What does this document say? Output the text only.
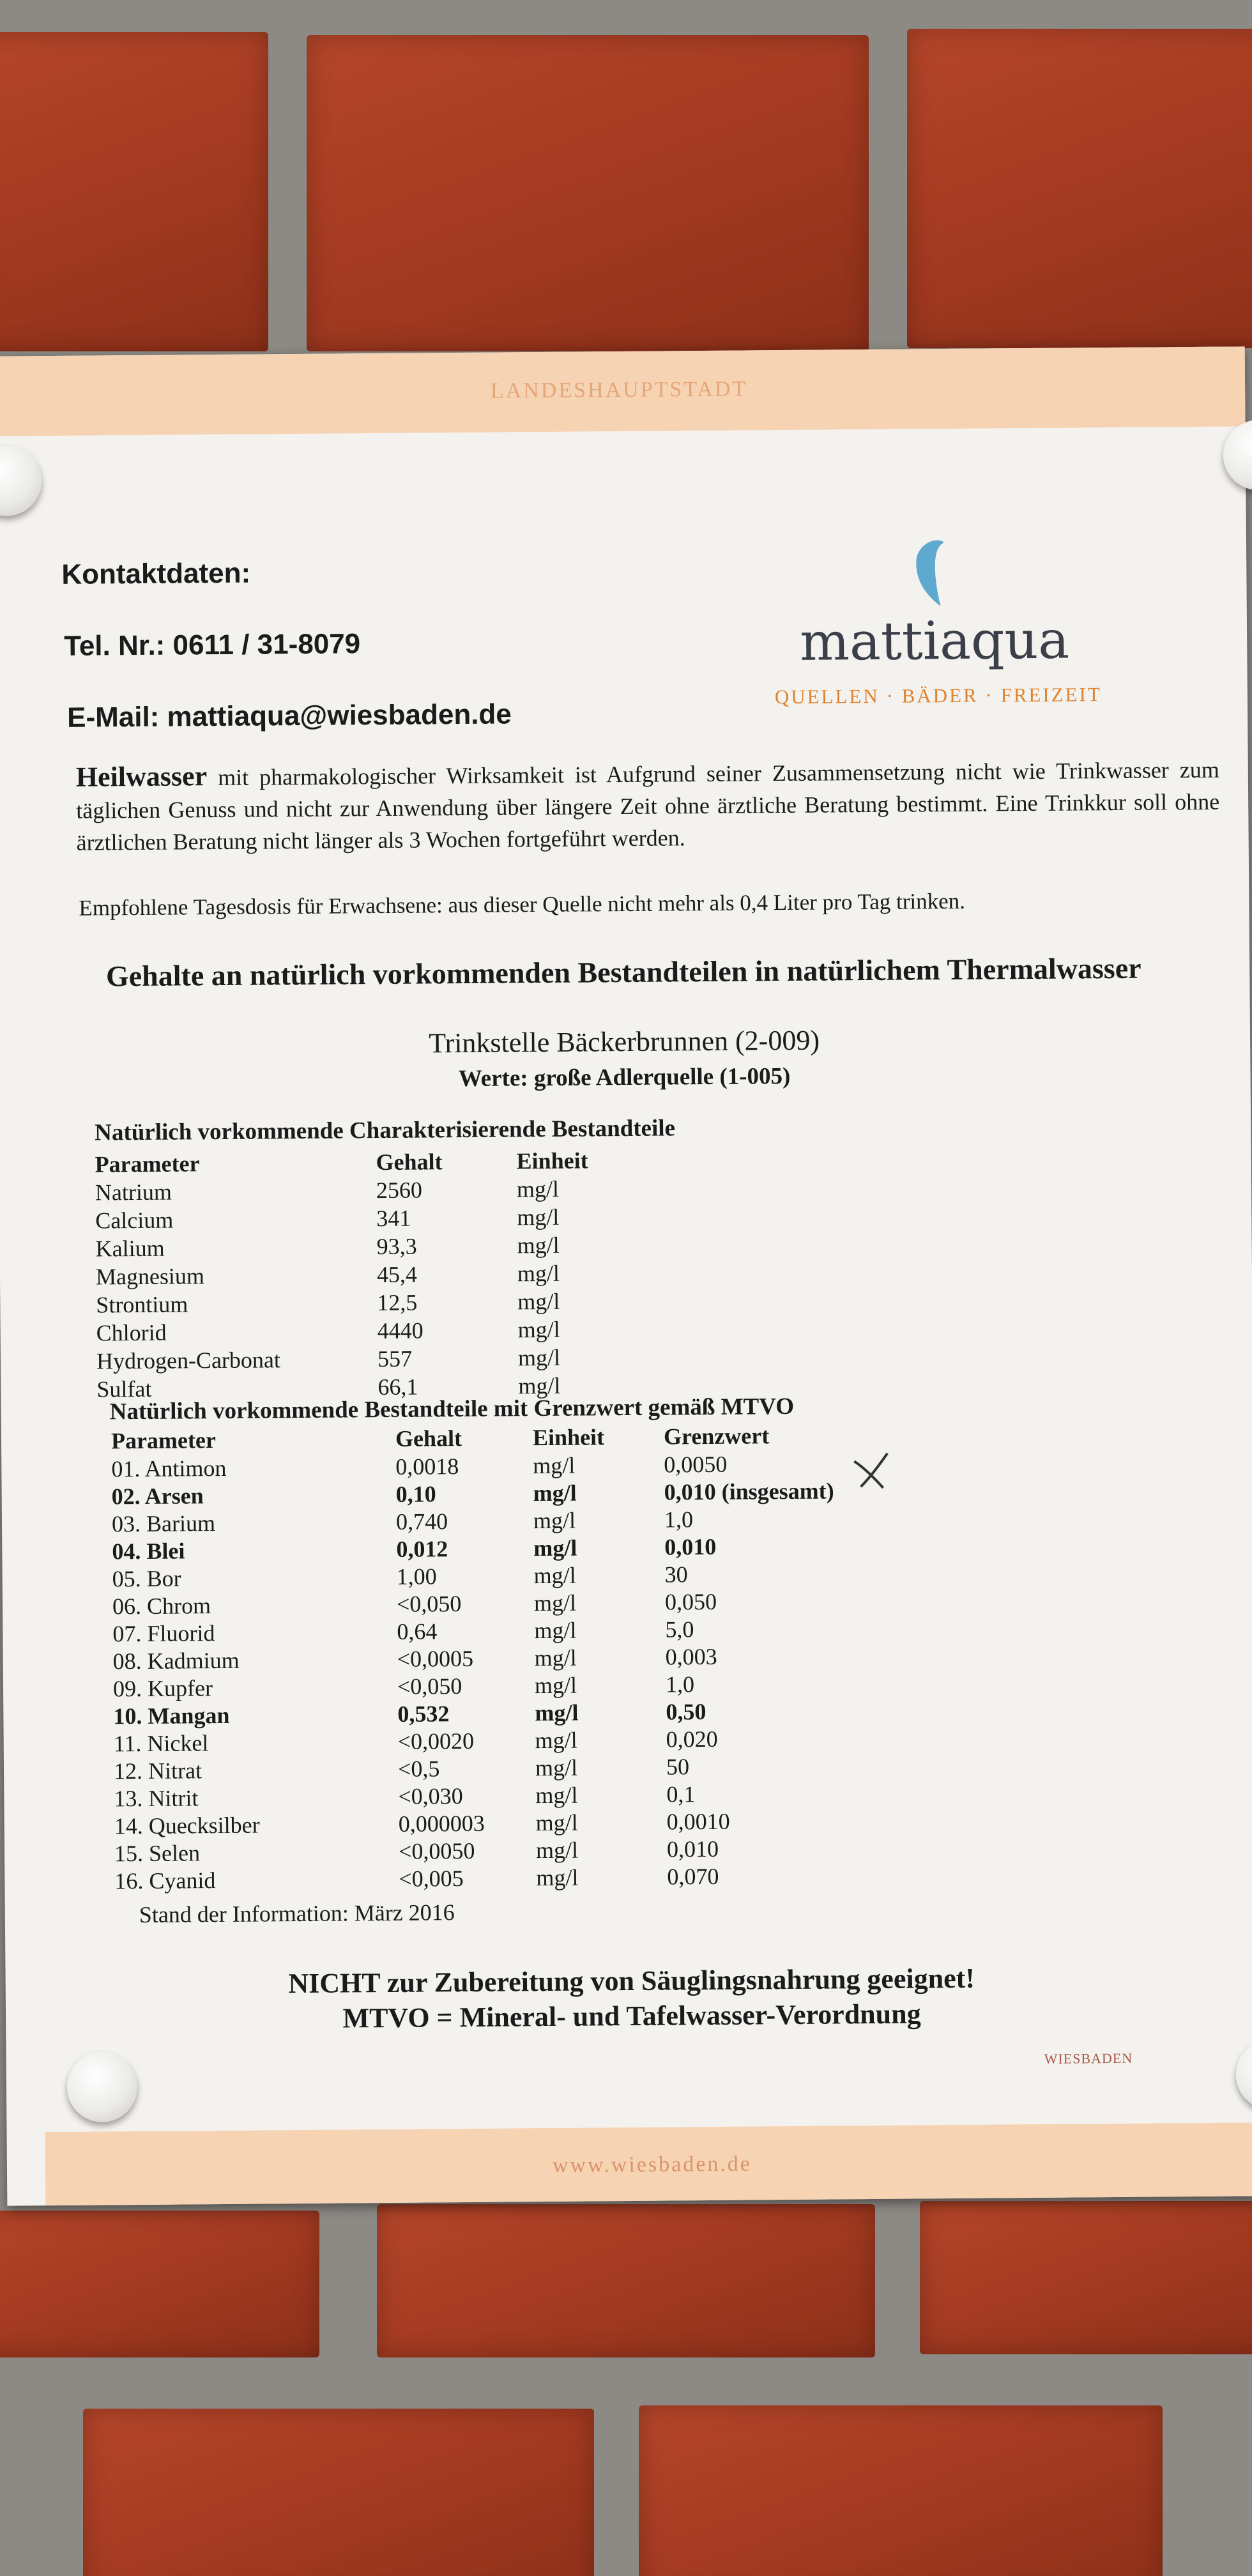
LANDESHAUPTSTADT
Kontaktdaten:
Tel. Nr.: 0611 / 31-8079
E-Mail: mattiaqua@wiesbaden.de
mattiaqua
QUELLEN · BÄDER · FREIZEIT
Heilwasser mit pharmakologischer Wirksamkeit ist Aufgrund seiner Zusammensetzung nicht wie Trinkwasser zum täglichen Genuss und nicht zur Anwendung über längere Zeit ohne ärztliche Beratung bestimmt. Eine Trinkkur soll ohne ärztlichen Beratung nicht länger als 3 Wochen fortgeführt werden.
Empfohlene Tagesdosis für Erwachsene: aus dieser Quelle nicht mehr als 0,4 Liter pro Tag trinken.
Gehalte an natürlich vorkommenden Bestandteilen in natürlichem Thermalwasser
Trinkstelle Bäckerbrunnen (2-009)
Werte: große Adlerquelle (1-005)
Natürlich vorkommende Charakterisierende Bestandteile
Parameter	Gehalt	Einheit
Natrium	2560	mg/l
Calcium	341	mg/l
Kalium	93,3	mg/l
Magnesium	45,4	mg/l
Strontium	12,5	mg/l
Chlorid	4440	mg/l
Hydrogen-Carbonat	557	mg/l
Sulfat	66,1	mg/l
Natürlich vorkommende Bestandteile mit Grenzwert gemäß MTVO
Parameter	Gehalt	Einheit	Grenzwert
01. Antimon	0,0018	mg/l	0,0050
02. Arsen	0,10	mg/l	0,010 (insgesamt)
03. Barium	0,740	mg/l	1,0
04. Blei	0,012	mg/l	0,010
05. Bor	1,00	mg/l	30
06. Chrom	<0,050	mg/l	0,050
07. Fluorid	0,64	mg/l	5,0
08. Kadmium	<0,0005	mg/l	0,003
09. Kupfer	<0,050	mg/l	1,0
10. Mangan	0,532	mg/l	0,50
11. Nickel	<0,0020	mg/l	0,020
12. Nitrat	<0,5	mg/l	50
13. Nitrit	<0,030	mg/l	0,1
14. Quecksilber	0,000003 mg/l	0,0010
15. Selen	<0,0050	mg/l	0,010
16. Cyanid	<0,005	mg/l	0,070
Stand der Information: März 2016
NICHT zur Zubereitung von Säuglingsnahrung geeignet!
MTVO = Mineral- und Tafelwasser-Verordnung
WIESBADEN
www.wiesbaden.de
